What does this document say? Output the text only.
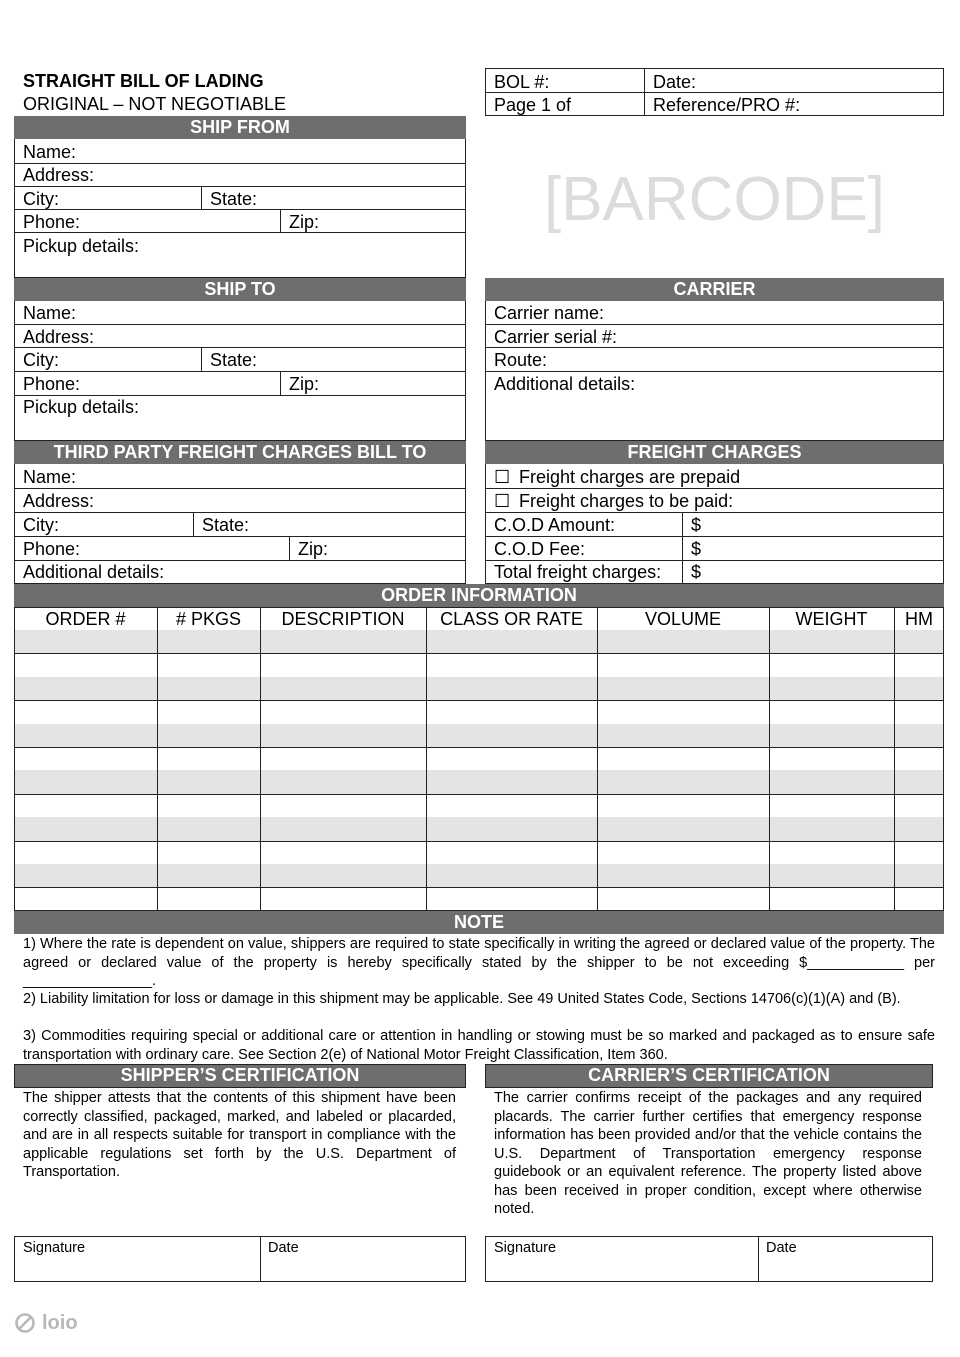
STRAIGHT BILL OF LADING
ORIGINAL – NOT NEGOTIABLE
BOL #:	Date:
Page 1 of	Reference/PRO #:
[BARCODE]
SHIP FROM
Name:
Address:
City:	State:
Phone:	Zip:
Pickup details:
SHIP TO
Name:
Address:
City:	State:
Phone:	Zip:
Pickup details:
CARRIER
Carrier name:
Carrier serial #:
Route:
Additional details:
THIRD PARTY FREIGHT CHARGES BILL TO
Name:
Address:
City:	State:
Phone:	Zip:
Additional details:
FREIGHT CHARGES
☐ Freight charges are prepaid
☐ Freight charges to be paid:
C.O.D Amount:	$
C.O.D Fee:	$
Total freight charges: $
ORDER INFORMATION
ORDER #	# PKGS	DESCRIPTION	CLASS OR RATE	VOLUME	WEIGHT	HM
NOTE
1) Where the rate is dependent on value, shippers are required to state specifically in writing the agreed or declared value of the property. The agreed or declared value of the property is hereby specifically stated by the shipper to be not exceeding $____________ per ________________.
2) Liability limitation for loss or damage in this shipment may be applicable. See 49 United States Code, Sections 14706(c)(1)(A) and (B).
3) Commodities requiring special or additional care or attention in handling or stowing must be so marked and packaged as to ensure safe transportation with ordinary care. See Section 2(e) of National Motor Freight Classification, Item 360.
SHIPPER’S CERTIFICATION
The shipper attests that the contents of this shipment have been correctly classified, packaged, marked, and labeled or placarded, and are in all respects suitable for transport in compliance with the applicable regulations set forth by the U.S. Department of Transportation.
CARRIER’S CERTIFICATION
The carrier confirms receipt of the packages and any required placards. The carrier further certifies that emergency response information has been provided and/or that the vehicle contains the U.S. Department of Transportation emergency response guidebook or an equivalent reference. The property listed above has been received in proper condition, except where otherwise noted.
Signature	Date	Signature	Date
loio
